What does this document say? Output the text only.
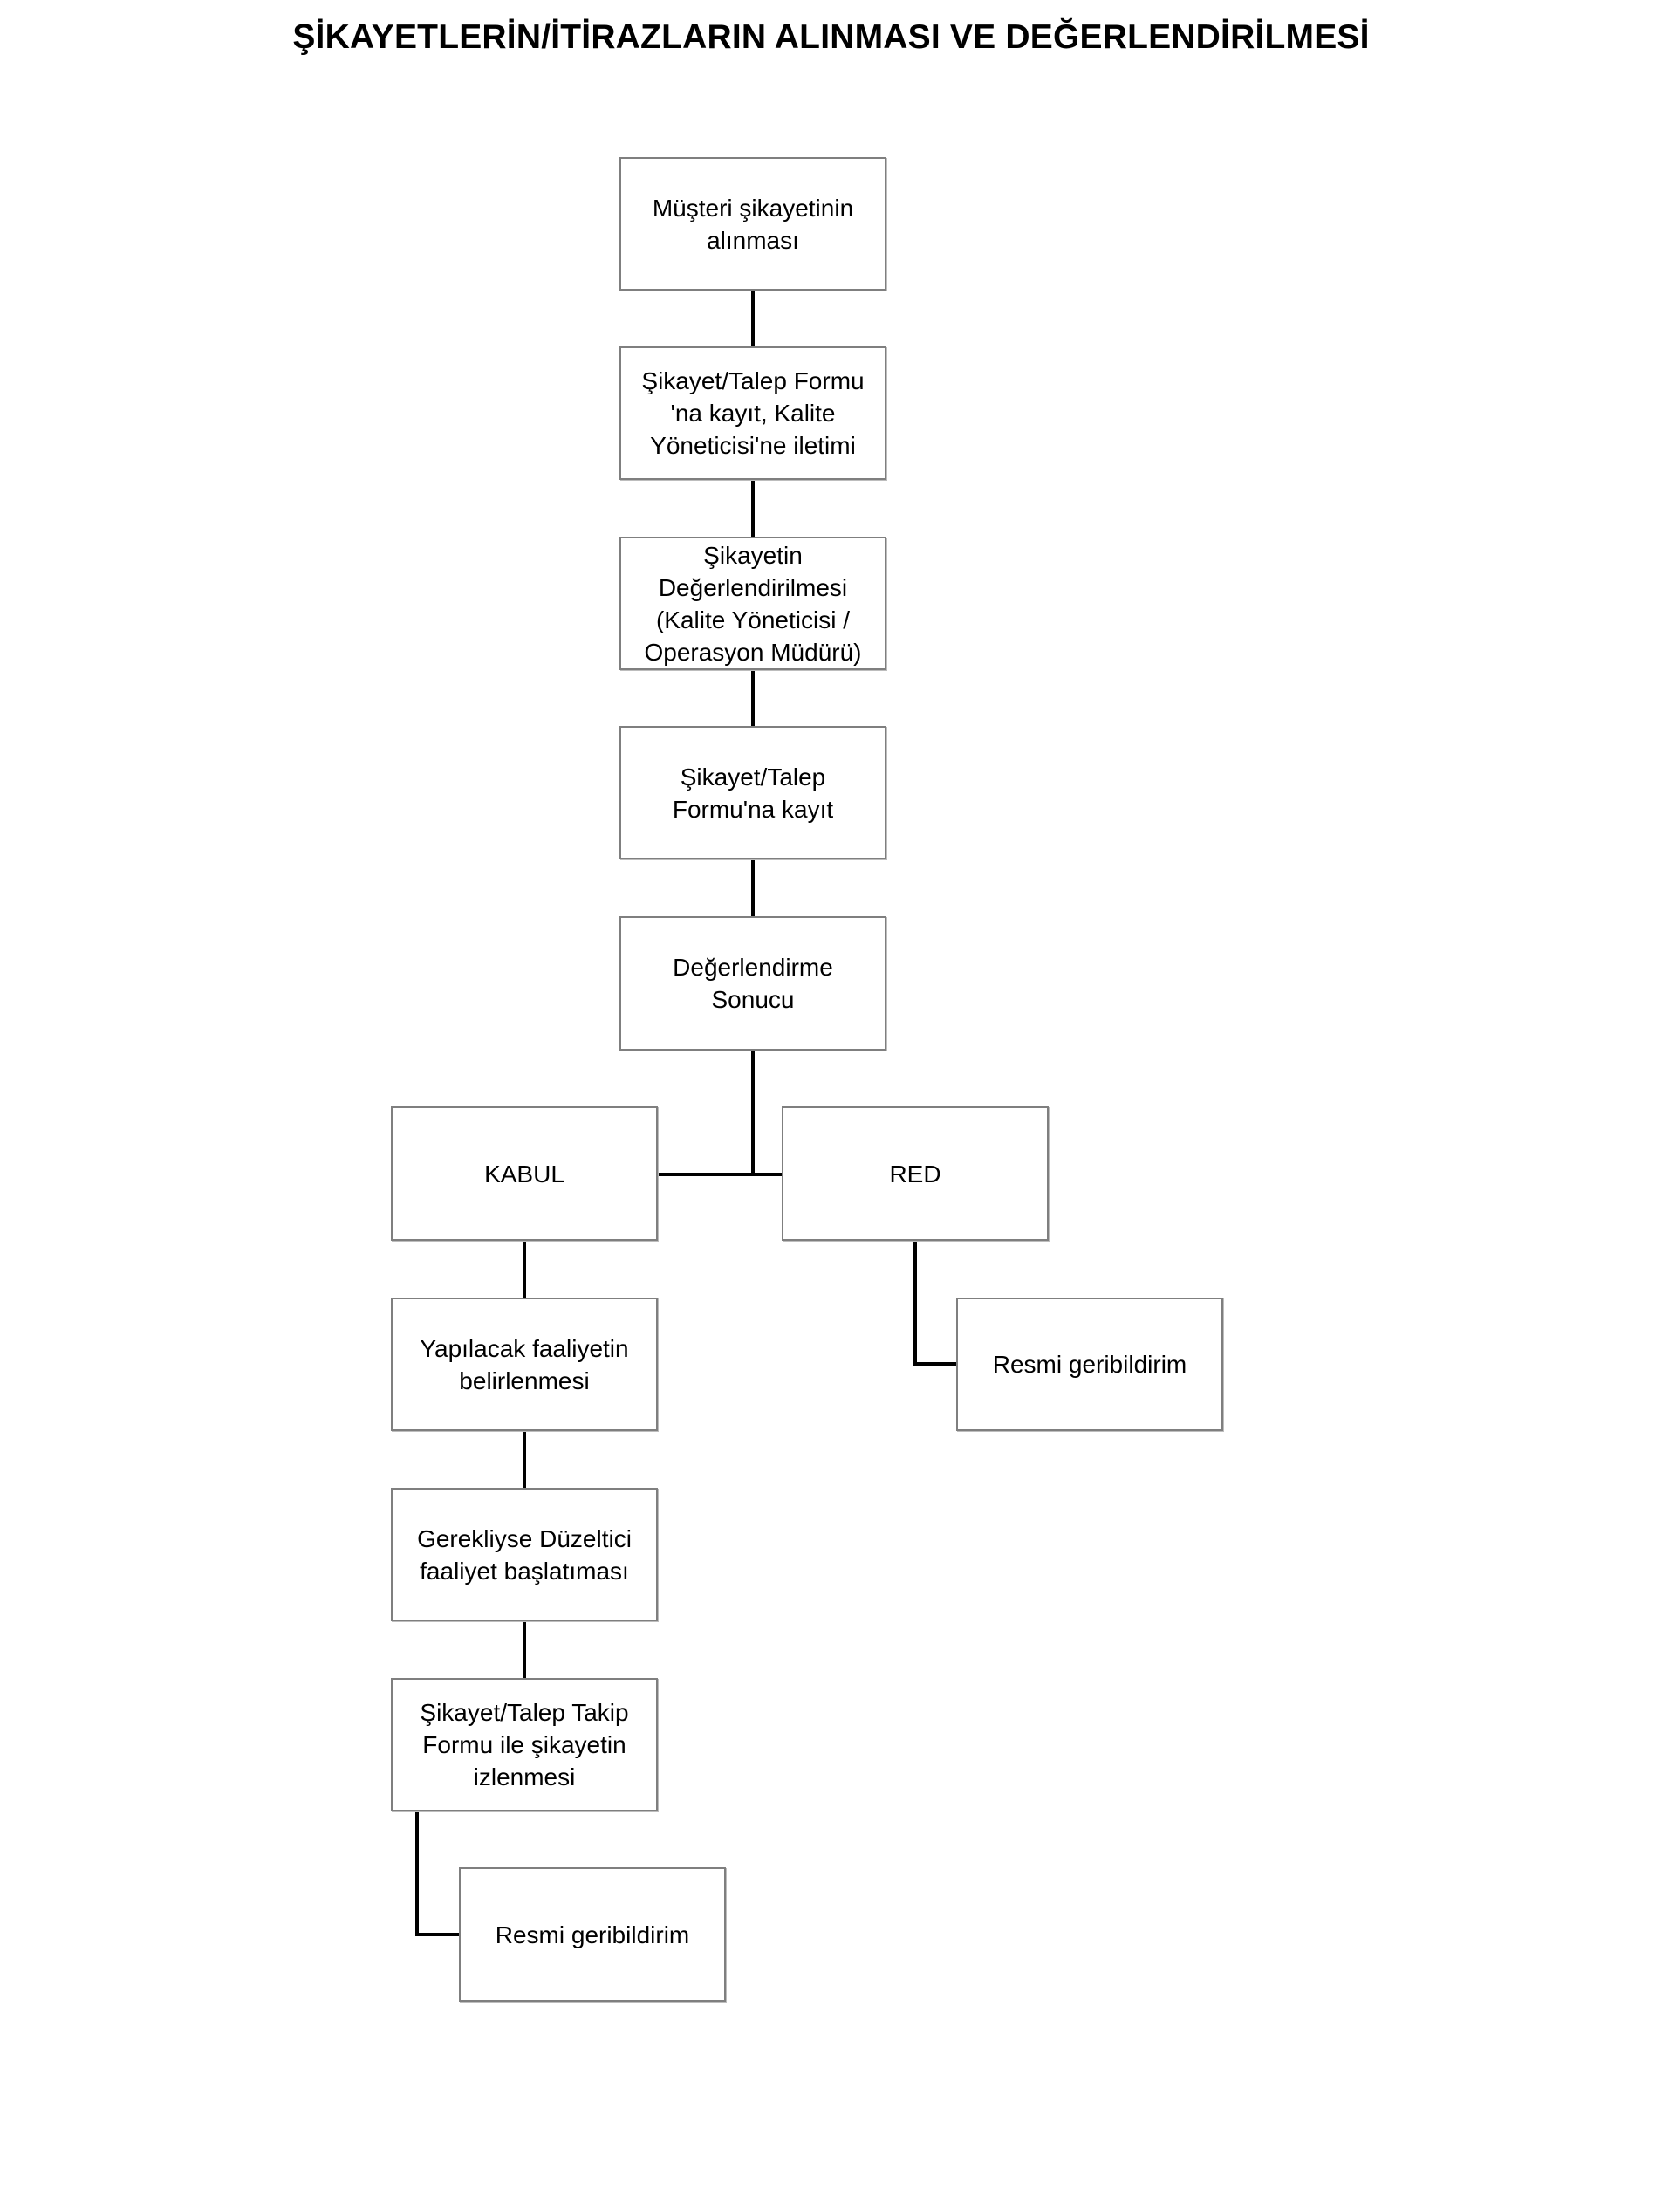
ŞİKAYETLERİN/İTİRAZLARIN ALINMASI VE DEĞERLENDİRİLMESİ
Müşteri şikayetinin
alınması
Şikayet/Talep Formu
'na kayıt, Kalite
Yöneticisi'ne iletimi
Şikayetin
Değerlendirilmesi
(Kalite Yöneticisi /
Operasyon Müdürü)
Şikayet/Talep
Formu'na kayıt
Değerlendirme
Sonucu
KABUL	RED
Resmi geribildirim
Yapılacak faaliyetin
belirlenmesi
Gerekliyse Düzeltici
faaliyet başlatıması
Şikayet/Talep Takip
Formu ile şikayetin
izlenmesi
Resmi geribildirim
